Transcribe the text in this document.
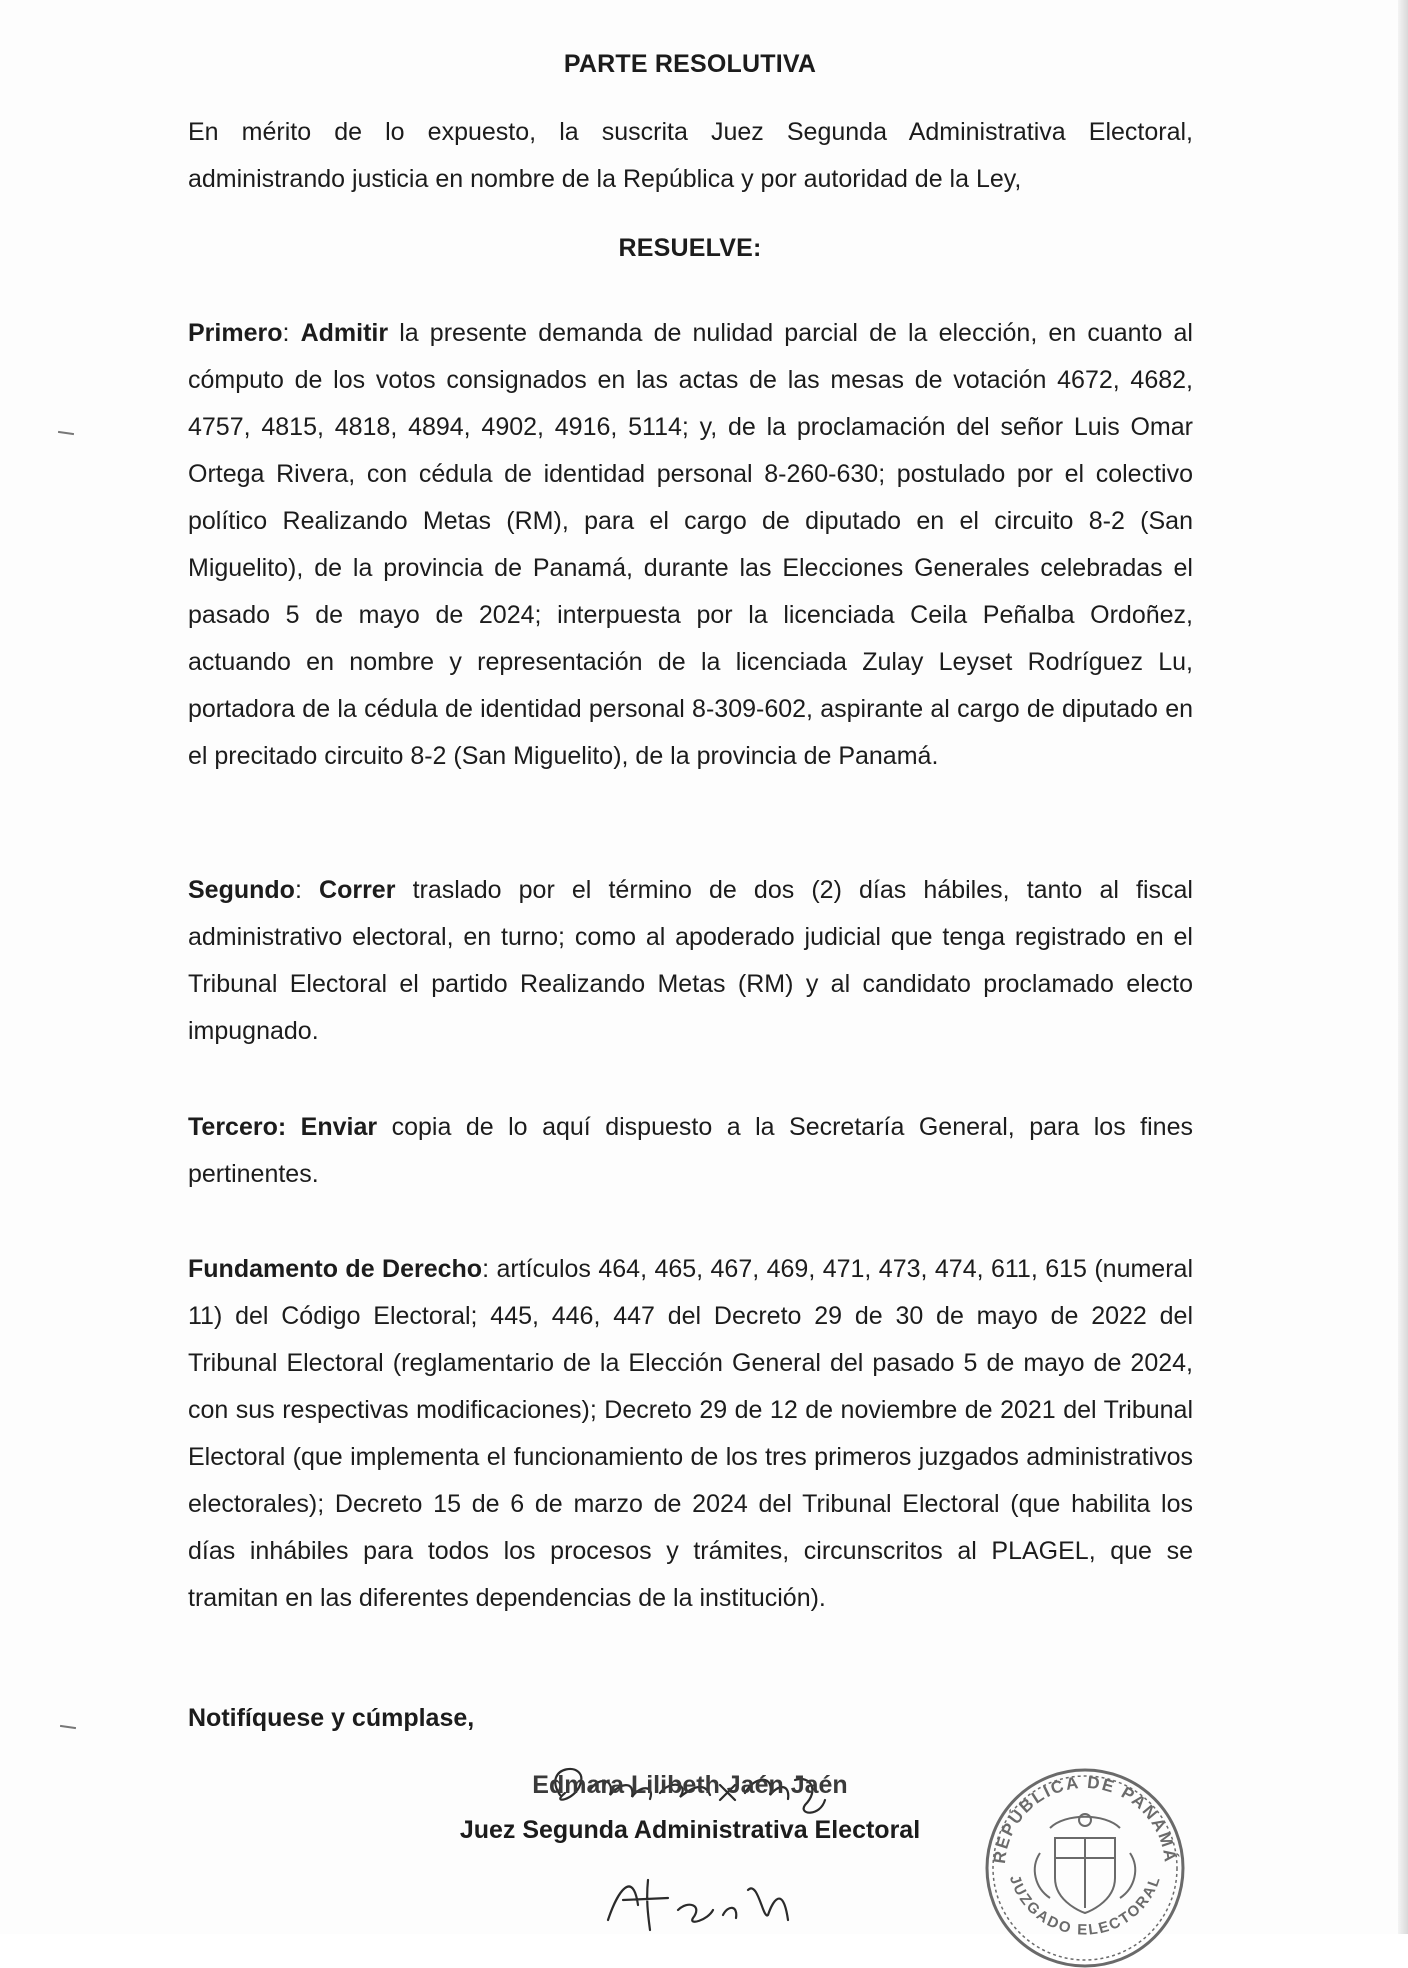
PARTE RESOLUTIVA
En mérito de lo expuesto, la suscrita Juez Segunda Administrativa Electoral, administrando justicia en nombre de la República y por autoridad de la Ley,
RESUELVE:
Primero: Admitir la presente demanda de nulidad parcial de la elección, en cuanto al cómputo de los votos consignados en las actas de las mesas de votación 4672, 4682, 4757, 4815, 4818, 4894, 4902, 4916, 5114; y, de la proclamación del señor Luis Omar Ortega Rivera, con cédula de identidad personal 8-260-630; postulado por el colectivo político Realizando Metas (RM), para el cargo de diputado en el circuito 8-2 (San Miguelito), de la provincia de Panamá, durante las Elecciones Generales celebradas el pasado 5 de mayo de 2024; interpuesta por la licenciada Ceila Peñalba Ordoñez, actuando en nombre y representación de la licenciada Zulay Leyset Rodríguez Lu, portadora de la cédula de identidad personal 8-309-602, aspirante al cargo de diputado en el precitado circuito 8-2 (San Miguelito), de la provincia de Panamá.
Segundo: Correr traslado por el término de dos (2) días hábiles, tanto al fiscal administrativo electoral, en turno; como al apoderado judicial que tenga registrado en el Tribunal Electoral el partido Realizando Metas (RM) y al candidato proclamado electo impugnado.
Tercero: Enviar copia de lo aquí dispuesto a la Secretaría General, para los fines pertinentes.
Fundamento de Derecho: artículos 464, 465, 467, 469, 471, 473, 474, 611, 615 (numeral 11) del Código Electoral; 445, 446, 447 del Decreto 29 de 30 de mayo de 2022 del Tribunal Electoral (reglamentario de la Elección General del pasado 5 de mayo de 2024, con sus respectivas modificaciones); Decreto 29 de 12 de noviembre de 2021 del Tribunal Electoral (que implementa el funcionamiento de los tres primeros juzgados administrativos electorales); Decreto 15 de 6 de marzo de 2024 del Tribunal Electoral (que habilita los días inhábiles para todos los procesos y trámites, circunscritos al PLAGEL, que se tramitan en las diferentes dependencias de la institución).
Notifíquese y cúmplase,
Edmara Lilibeth Jaén Jaén
Juez Segunda Administrativa Electoral
REPÚBLICA DE PANAMÁ
JUZGADO ELECTORAL
